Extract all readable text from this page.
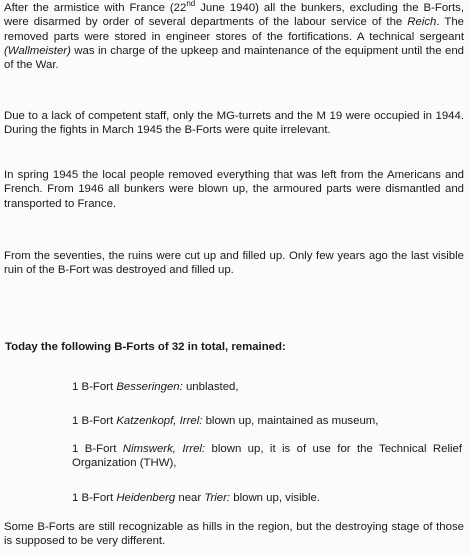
After the armistice with France (22nd June 1940) all the bunkers, excluding the B-Forts, were disarmed by order of several departments of the labour service of the Reich. The removed parts were stored in engineer stores of the fortifications. A technical sergeant (Wallmeister) was in charge of the upkeep and maintenance of the equipment until the end of the War.

Due to a lack of competent staff, only the MG-turrets and the M 19 were occupied in 1944. During the fights in March 1945 the B-Forts were quite irrelevant.

In spring 1945 the local people removed everything that was left from the Americans and French. From 1946 all bunkers were blown up, the armoured parts were dismantled and transported to France.

From the seventies, the ruins were cut up and filled up. Only few years ago the last visible ruin of the B-Fort was destroyed and filled up.

Today the following B-Forts of 32 in total, remained:

1 B-Fort Besseringen: unblasted,
1 B-Fort Katzenkopf, Irrel: blown up, maintained as museum,
1 B-Fort Nimswerk, Irrel: blown up, it is of use for the Technical Relief Organization (THW),
1 B-Fort Heidenberg near Trier: blown up, visible.

Some B-Forts are still recognizable as hills in the region, but the destroying stage of those is supposed to be very different.
